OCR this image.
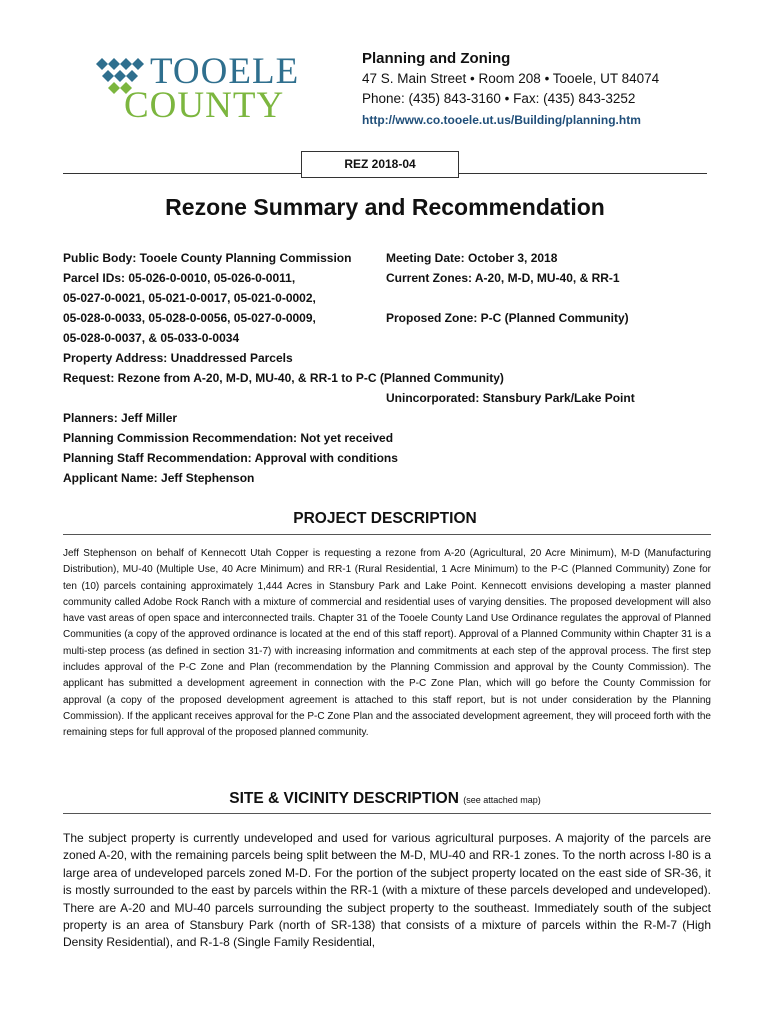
TOOELE
COUNTY

Planning and Zoning

47 S. Main Street • Room 208 • Tooele, UT 84074

Phone: (435) 843-3160 • Fax: (435) 843-3252

http://www.co.tooele.ut.us/Building/planning.htm

REZ 2018-04
Rezone Summary and Recommendation

Public Body: Tooele County Planning Commission	Meeting Date: October 3, 2018

Parcel IDs: 05-026-0-0010, 05-026-0-0011,	Current Zones: A-20, M-D, MU-40, & RR-1

05-027-0-0021, 05-021-0-0017, 05-021-0-0002,

05-028-0-0033, 05-028-0-0056, 05-027-0-0009,	Proposed Zone: P-C (Planned Community)

05-028-0-0037, & 05-033-0-0034

Property Address: Unaddressed Parcels

Request: Rezone from A-20, M-D, MU-40, & RR-1 to P-C (Planned Community)

Unincorporated: Stansbury Park/Lake Point

Planners: Jeff Miller

Planning Commission Recommendation: Not yet received

Planning Staff Recommendation: Approval with conditions

Applicant Name: Jeff Stephenson

PROJECT DESCRIPTION

Jeff Stephenson on behalf of Kennecott Utah Copper is requesting a rezone from A-20 (Agricultural, 20 Acre Minimum), M-D (Manufacturing Distribution), MU-40 (Multiple Use, 40 Acre Minimum) and RR-1 (Rural Residential, 1 Acre Minimum) to the P-C (Planned Community) Zone for ten (10) parcels containing approximately 1,444 Acres in Stansbury Park and Lake Point. Kennecott envisions developing a master planned community called Adobe Rock Ranch with a mixture of commercial and residential uses of varying densities. The proposed development will also have vast areas of open space and interconnected trails. Chapter 31 of the Tooele County Land Use Ordinance regulates the approval of Planned Communities (a copy of the approved ordinance is located at the end of this staff report). Approval of a Planned Community within Chapter 31 is a multi-step process (as defined in section 31-7) with increasing information and commitments at each step of the approval process. The first step includes approval of the P-C Zone and Plan (recommendation by the Planning Commission and approval by the County Commission). The applicant has submitted a development agreement in connection with the P-C Zone Plan, which will go before the County Commission for approval (a copy of the proposed development agreement is attached to this staff report, but is not under consideration by the Planning Commission). If the applicant receives approval for the P-C Zone Plan and the associated development agreement, they will proceed forth with the remaining steps for full approval of the proposed planned community.

SITE & VICINITY DESCRIPTION (see attached map)

The subject property is currently undeveloped and used for various agricultural purposes. A majority of the parcels are zoned A-20, with the remaining parcels being split between the M-D, MU-40 and RR-1 zones. To the north across I-80 is a large area of undeveloped parcels zoned M-D. For the portion of the subject property located on the east side of SR-36, it is mostly surrounded to the east by parcels within the RR-1 (with a mixture of these parcels developed and undeveloped). There are A-20 and MU-40 parcels surrounding the subject property to the southeast. Immediately south of the subject property is an area of Stansbury Park (north of SR-138) that consists of a mixture of parcels within the R-M-7 (High Density Residential), and R-1-8 (Single Family Residential,
